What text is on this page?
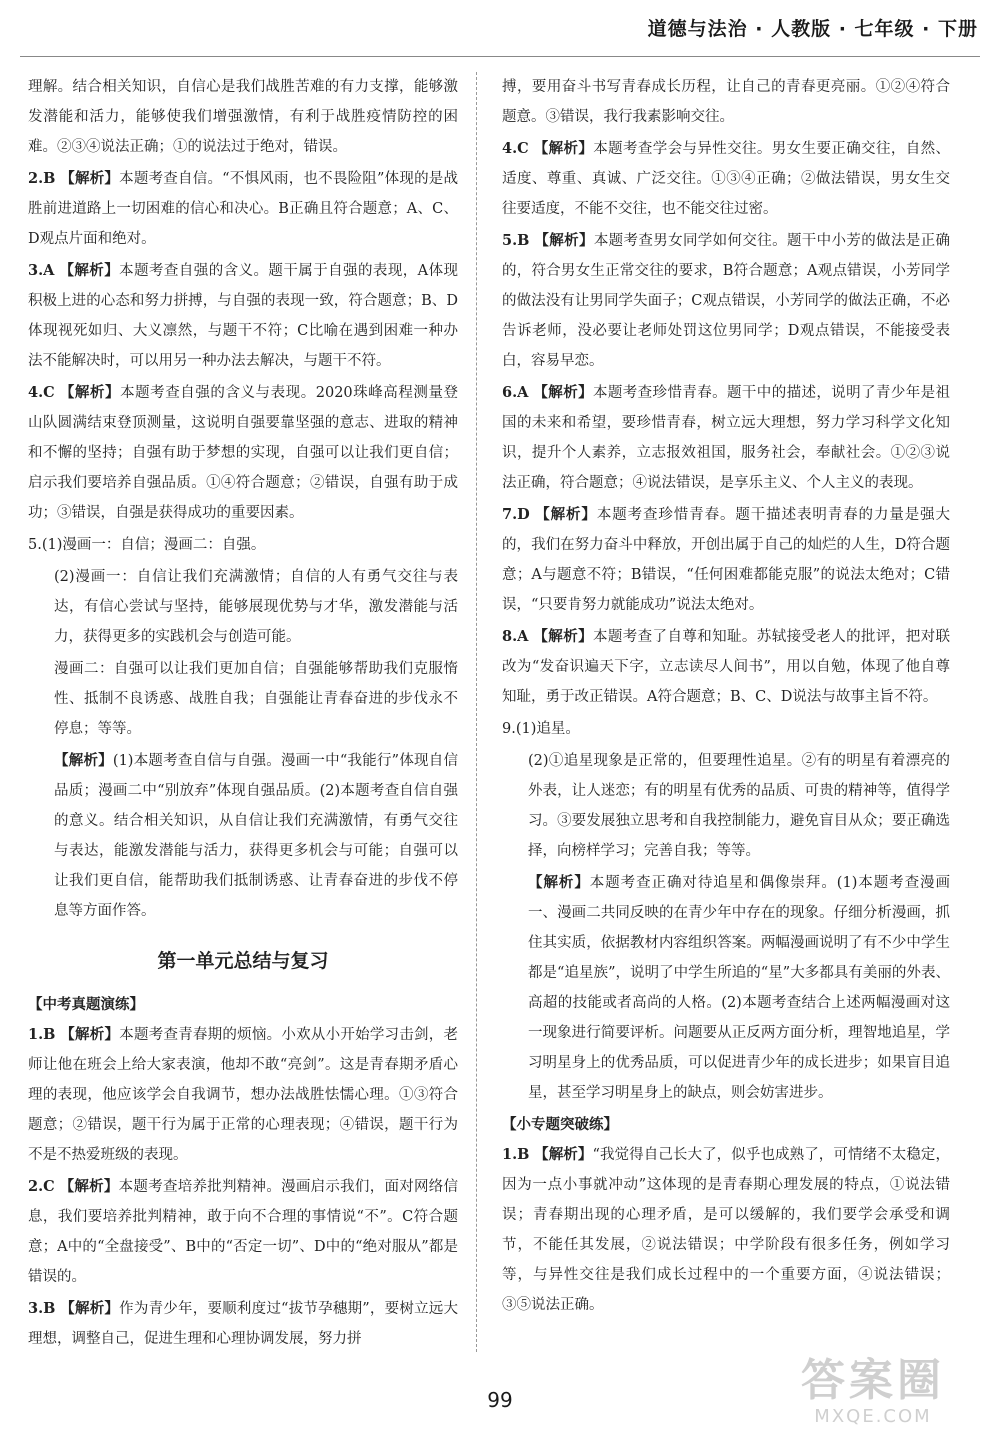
道德与法治 · 人教版 · 七年级 · 下册
理解。结合相关知识，自信心是我们战胜苦难的有力支撑，能够激发潜能和活力，能够使我们增强激情，有利于战胜疫情防控的困难。②③④说法正确；①的说法过于绝对，错误。
2.B 【解析】本题考查自信。“不惧风雨，也不畏险阻”体现的是战胜前进道路上一切困难的信心和决心。B正确且符合题意；A、C、D观点片面和绝对。
3.A 【解析】本题考查自强的含义。题干属于自强的表现，A体现积极上进的心态和努力拼搏，与自强的表现一致，符合题意；B、D体现视死如归、大义凛然，与题干不符；C比喻在遇到困难一种办法不能解决时，可以用另一种办法去解决，与题干不符。
4.C 【解析】本题考查自强的含义与表现。2020珠峰高程测量登山队圆满结束登顶测量，这说明自强要靠坚强的意志、进取的精神和不懈的坚持；自强有助于梦想的实现，自强可以让我们更自信；启示我们要培养自强品质。①④符合题意；②错误，自强有助于成功；③错误，自强是获得成功的重要因素。
5.(1)漫画一：自信；漫画二：自强。
(2)漫画一：自信让我们充满激情；自信的人有勇气交往与表达，有信心尝试与坚持，能够展现优势与才华，激发潜能与活力，获得更多的实践机会与创造可能。
漫画二：自强可以让我们更加自信；自强能够帮助我们克服惰性、抵制不良诱惑、战胜自我；自强能让青春奋进的步伐永不停息；等等。
【解析】(1)本题考查自信与自强。漫画一中“我能行”体现自信品质；漫画二中“别放弃”体现自强品质。(2)本题考查自信自强的意义。结合相关知识，从自信让我们充满激情，有勇气交往与表达，能激发潜能与活力，获得更多机会与可能；自强可以让我们更自信，能帮助我们抵制诱惑、让青春奋进的步伐不停息等方面作答。
第一单元总结与复习
【中考真题演练】
1.B 【解析】本题考查青春期的烦恼。小欢从小开始学习击剑，老师让他在班会上给大家表演，他却不敢“亮剑”。这是青春期矛盾心理的表现，他应该学会自我调节，想办法战胜怯懦心理。①③符合题意；②错误，题干行为属于正常的心理表现；④错误，题干行为不是不热爱班级的表现。
2.C 【解析】本题考查培养批判精神。漫画启示我们，面对网络信息，我们要培养批判精神，敢于向不合理的事情说“不”。C符合题意；A中的“全盘接受”、B中的“否定一切”、D中的“绝对服从”都是错误的。
3.B 【解析】作为青少年，要顺利度过“拔节孕穗期”，要树立远大理想，调整自己，促进生理和心理协调发展，努力拼
搏，要用奋斗书写青春成长历程，让自己的青春更亮丽。①②④符合题意。③错误，我行我素影响交往。
4.C 【解析】本题考查学会与异性交往。男女生要正确交往，自然、适度、尊重、真诚、广泛交往。①③④正确；②做法错误，男女生交往要适度，不能不交往，也不能交往过密。
5.B 【解析】本题考查男女同学如何交往。题干中小芳的做法是正确的，符合男女生正常交往的要求，B符合题意；A观点错误，小芳同学的做法没有让男同学失面子；C观点错误，小芳同学的做法正确，不必告诉老师，没必要让老师处罚这位男同学；D观点错误，不能接受表白，容易早恋。
6.A 【解析】本题考查珍惜青春。题干中的描述，说明了青少年是祖国的未来和希望，要珍惜青春，树立远大理想，努力学习科学文化知识，提升个人素养，立志报效祖国，服务社会，奉献社会。①②③说法正确，符合题意；④说法错误，是享乐主义、个人主义的表现。
7.D 【解析】本题考查珍惜青春。题干描述表明青春的力量是强大的，我们在努力奋斗中释放，开创出属于自己的灿烂的人生，D符合题意；A与题意不符；B错误，“任何困难都能克服”的说法太绝对；C错误，“只要肯努力就能成功”说法太绝对。
8.A 【解析】本题考查了自尊和知耻。苏轼接受老人的批评，把对联改为“发奋识遍天下字，立志读尽人间书”，用以自勉，体现了他自尊知耻，勇于改正错误。A符合题意；B、C、D说法与故事主旨不符。
9.(1)追星。
(2)①追星现象是正常的，但要理性追星。②有的明星有着漂亮的外表，让人迷恋；有的明星有优秀的品质、可贵的精神等，值得学习。③要发展独立思考和自我控制能力，避免盲目从众；要正确选择，向榜样学习；完善自我；等等。
【解析】本题考查正确对待追星和偶像崇拜。(1)本题考查漫画一、漫画二共同反映的在青少年中存在的现象。仔细分析漫画，抓住其实质，依据教材内容组织答案。两幅漫画说明了有不少中学生都是“追星族”，说明了中学生所追的“星”大多都具有美丽的外表、高超的技能或者高尚的人格。(2)本题考查结合上述两幅漫画对这一现象进行简要评析。问题要从正反两方面分析，理智地追星，学习明星身上的优秀品质，可以促进青少年的成长进步；如果盲目追星，甚至学习明星身上的缺点，则会妨害进步。
【小专题突破练】
1.B 【解析】“我觉得自己长大了，似乎也成熟了，可情绪不太稳定，因为一点小事就冲动”这体现的是青春期心理发展的特点，①说法错误；青春期出现的心理矛盾，是可以缓解的，我们要学会承受和调节，不能任其发展，②说法错误；中学阶段有很多任务，例如学习等，与异性交往是我们成长过程中的一个重要方面，④说法错误；③⑤说法正确。
99	答案圈
MXQE.COM
